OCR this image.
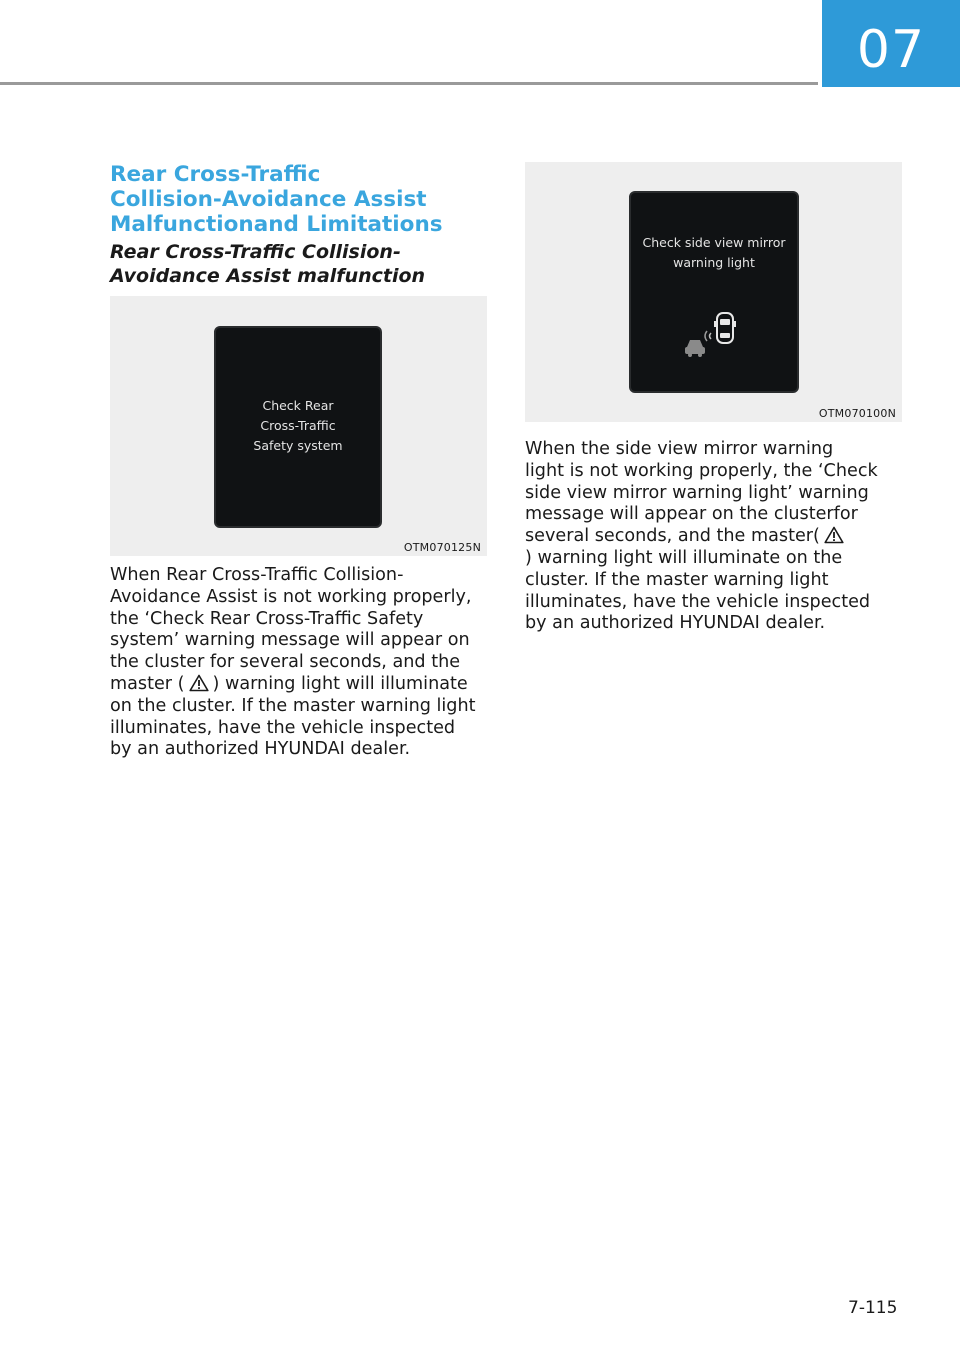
07
Rear Cross-Traffic
Collision-Avoidance Assist
Malfunctionand Limitations
Rear Cross-Traffic Collision-
Avoidance Assist malfunction
Check Rear
Cross-Traffic
Safety system
OTM070125N
Check side view mirror
warning light
OTM070100N
When Rear Cross-Traffic Collision-
Avoidance Assist is not working properly,
the ‘Check Rear Cross-Traffic Safety
system’ warning message will appear on
the cluster for several seconds, and the
master ( ) warning light will illuminate
on the cluster. If the master warning light
illuminates, have the vehicle inspected
by an authorized HYUNDAI dealer.
When the side view mirror warning
light is not working properly, the ‘Check
side view mirror warning light’ warning
message will appear on the clusterfor
several seconds, and the master(
) warning light will illuminate on the
cluster. If the master warning light
illuminates, have the vehicle inspected
by an authorized HYUNDAI dealer.
7-115
